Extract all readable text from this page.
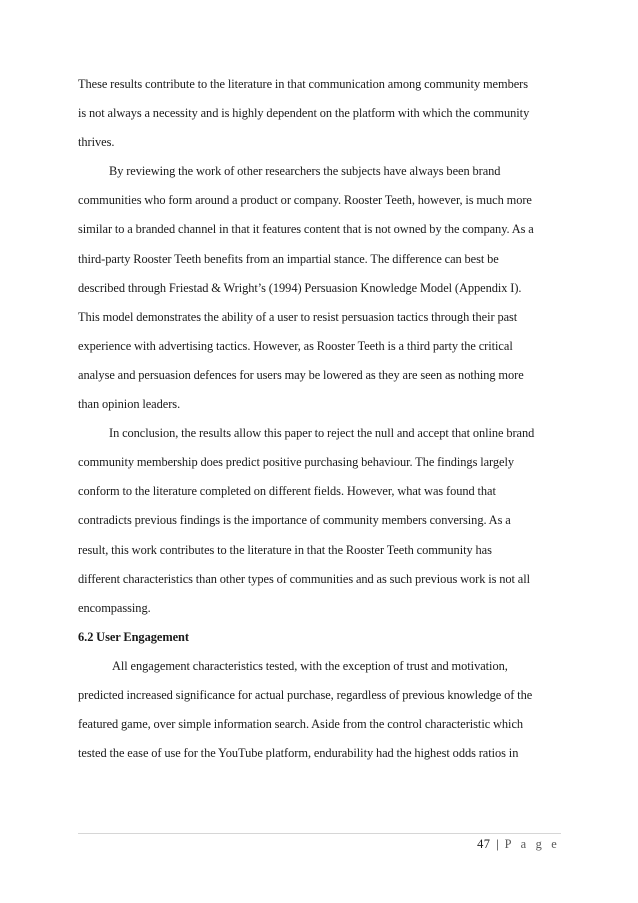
These results contribute to the literature in that communication among community members
is not always a necessity and is highly dependent on the platform with which the community
thrives.

By reviewing the work of other researchers the subjects have always been brand
communities who form around a product or company. Rooster Teeth, however, is much more
similar to a branded channel in that it features content that is not owned by the company. As a
third-party Rooster Teeth benefits from an impartial stance. The difference can best be
described through Friestad & Wright’s (1994) Persuasion Knowledge Model (Appendix I).
This model demonstrates the ability of a user to resist persuasion tactics through their past
experience with advertising tactics. However, as Rooster Teeth is a third party the critical
analyse and persuasion defences for users may be lowered as they are seen as nothing more
than opinion leaders.

In conclusion, the results allow this paper to reject the null and accept that online brand
community membership does predict positive purchasing behaviour. The findings largely
conform to the literature completed on different fields. However, what was found that
contradicts previous findings is the importance of community members conversing. As a
result, this work contributes to the literature in that the Rooster Teeth community has
different characteristics than other types of communities and as such previous work is not all
encompassing.

6.2 User Engagement

All engagement characteristics tested, with the exception of trust and motivation,
predicted increased significance for actual purchase, regardless of previous knowledge of the
featured game, over simple information search. Aside from the control characteristic which
tested the ease of use for the YouTube platform, endurability had the highest odds ratios in

47 | P a g e
